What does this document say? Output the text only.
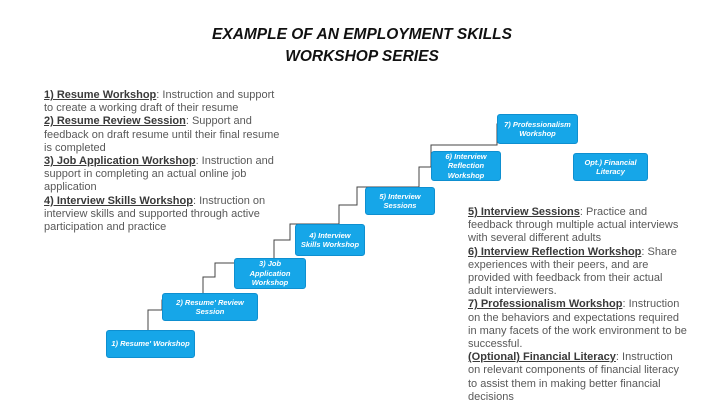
EXAMPLE OF AN EMPLOYMENT SKILLS
WORKSHOP SERIES

1) Resume Workshop: Instruction and support to create a working draft of their resume

2) Resume Review Session: Support and feedback on draft resume until their final resume is completed

3) Job Application Workshop: Instruction and support in completing an actual online job application

4) Interview Skills Workshop: Instruction on interview skills and supported through active participation and practice

5) Interview Sessions: Practice and feedback through multiple actual interviews with several different adults

6) Interview Reflection Workshop: Share experiences with their peers, and are provided with feedback from their actual adult interviewers.

7) Professionalism Workshop: Instruction on the behaviors and expectations required in many facets of the work environment to be successful.

(Optional) Financial Literacy: Instruction on relevant components of financial literacy to assist them in making better financial decisions

1) Resume' Workshop
2) Resume' Review Session
3) Job Application Workshop
4) Interview Skills Workshop
5) Interview Sessions
6) Interview Reflection Workshop
7) Professionalism Workshop
Opt.) Financial Literacy
